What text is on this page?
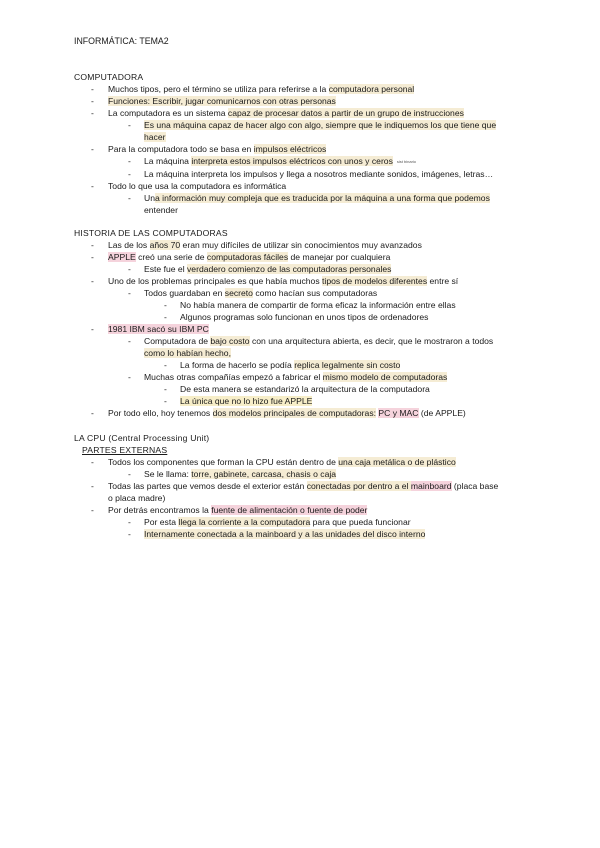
INFORMÁTICA: TEMA2
COMPUTADORA
-	Muchos tipos, pero el término se utiliza para referirse a la computadora personal
-	Funciones: Escribir, jugar comunicarnos con otras personas
-	La computadora es un sistema capaz de procesar datos a partir de un grupo de instrucciones
-	Es una máquina capaz de hacer algo con algo, siempre que le indiquemos los que tiene que
hacer
-	Para la computadora todo se basa en impulsos eléctricos
-	La máquina interpreta estos impulsos eléctricos con unos y ceros sist binario
-	La máquina interpreta los impulsos y llega a nosotros mediante sonidos, imágenes, letras…
-	Todo lo que usa la computadora es informática
-	Una información muy compleja que es traducida por la máquina a una forma que podemos
entender
HISTORIA DE LAS COMPUTADORAS
-	Las de los años 70 eran muy difíciles de utilizar sin conocimientos muy avanzados
-	APPLE creó una serie de computadoras fáciles de manejar por cualquiera
-	Este fue el verdadero comienzo de las computadoras personales
-	Uno de los problemas principales es que había muchos tipos de modelos diferentes entre sí
-	Todos guardaban en secreto como hacían sus computadoras
-	No había manera de compartir de forma eficaz la información entre ellas
-	Algunos programas solo funcionan en unos tipos de ordenadores
-	1981 IBM sacó su IBM PC
-	Computadora de bajo costo con una arquitectura abierta, es decir, que le mostraron a todos
como lo habían hecho,
-	La forma de hacerlo se podía replica legalmente sin costo
-	Muchas otras compañías empezó a fabricar el mismo modelo de computadoras
-	De esta manera se estandarizó la arquitectura de la computadora
-	La única que no lo hizo fue APPLE
-	Por todo ello, hoy tenemos dos modelos principales de computadoras: PC y MAC (de APPLE)
LA CPU (Central Processing Unit)
PARTES EXTERNAS
-	Todos los componentes que forman la CPU están dentro de una caja metálica o de plástico
-	Se le llama: torre, gabinete, carcasa, chasis o caja
-	Todas las partes que vemos desde el exterior están conectadas por dentro a el mainboard (placa base
o placa madre)
-	Por detrás encontramos la fuente de alimentación o fuente de poder
-	Por esta llega la corriente a la computadora para que pueda funcionar
-	Internamente conectada a la mainboard y a las unidades del disco interno
